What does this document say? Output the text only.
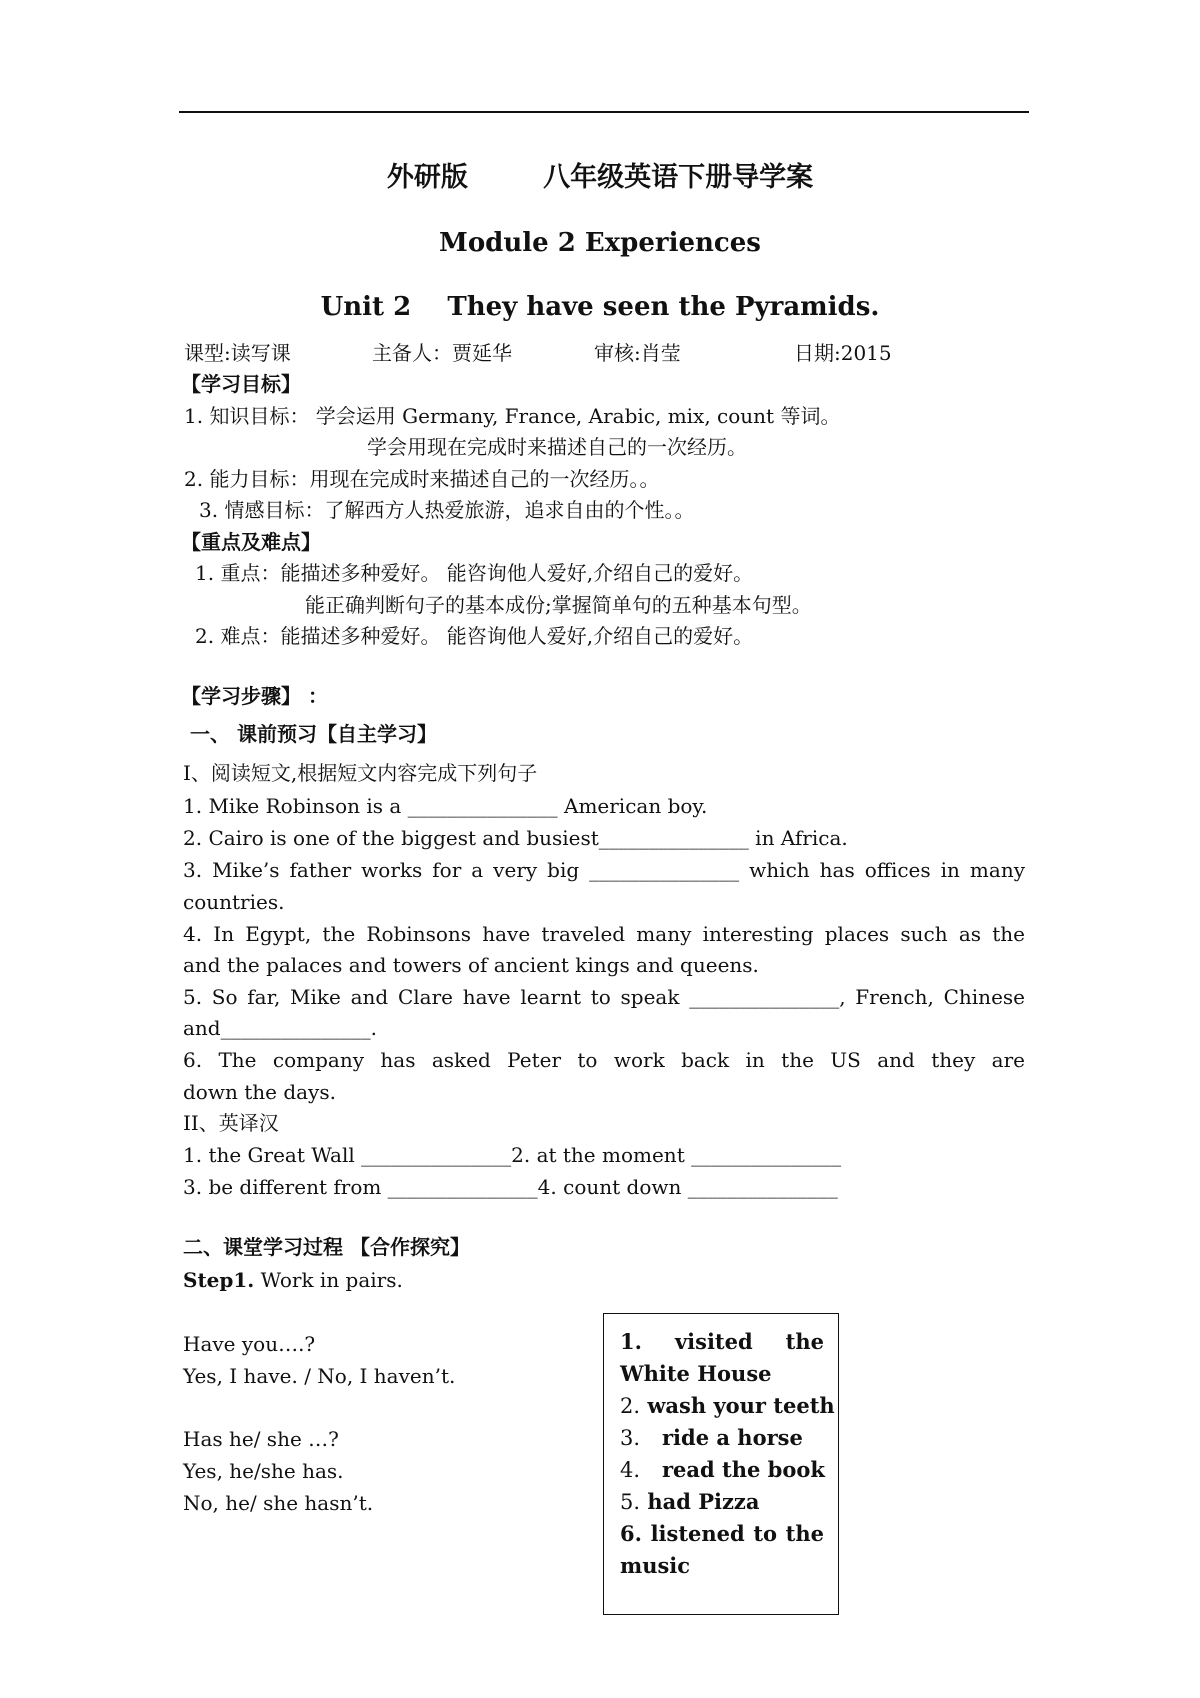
外研版        八年级英语下册导学案
Module 2 Experiences
Unit 2    They have seen the Pyramids.
课型:读写课	主备人：贾延华	审核:肖莹	日期:2015
【学习目标】
1. 知识目标： 学会运用 Germany, France, Arabic, mix, count 等词。
学会用现在完成时来描述自己的一次经历。
2. 能力目标：用现在完成时来描述自己的一次经历。。
3. 情感目标：了解西方人热爱旅游，追求自由的个性。。
【重点及难点】
1. 重点：能描述多种爱好。 能咨询他人爱好,介绍自己的爱好。
能正确判断句子的基本成份;掌握简单句的五种基本句型。
2. 难点：能描述多种爱好。 能咨询他人爱好,介绍自己的爱好。
【学习步骤】 ：
一、 课前预习【自主学习】
I、阅读短文,根据短文内容完成下列句子
1. Mike Robinson is a _______________ American boy.
2. Cairo is one of the biggest and busiest_______________ in Africa.
3. Mike’s father works for a very big _______________ which has offices in many
countries.
4. In Egypt, the Robinsons have traveled many interesting places such as the
and the palaces and towers of ancient kings and queens.
5. So far, Mike and Clare have learnt to speak _______________, French, Chinese
and_______________.
6. The company has asked Peter to work back in the US and they are
down the days.
II、英译汉
1. the Great Wall _______________2. at the moment _______________
3. be different from _______________4. count down _______________
二、课堂学习过程 【合作探究】
Step1. Work in pairs.
Have you….?
Yes, I have. / No, I haven’t.
Has he/ she …?
Yes, he/she has.
No, he/ she hasn’t.
1. visited the
White House
2. wash your teeth
3.   ride a horse
4.   read the book
5. had Pizza
6. listened to the
music
